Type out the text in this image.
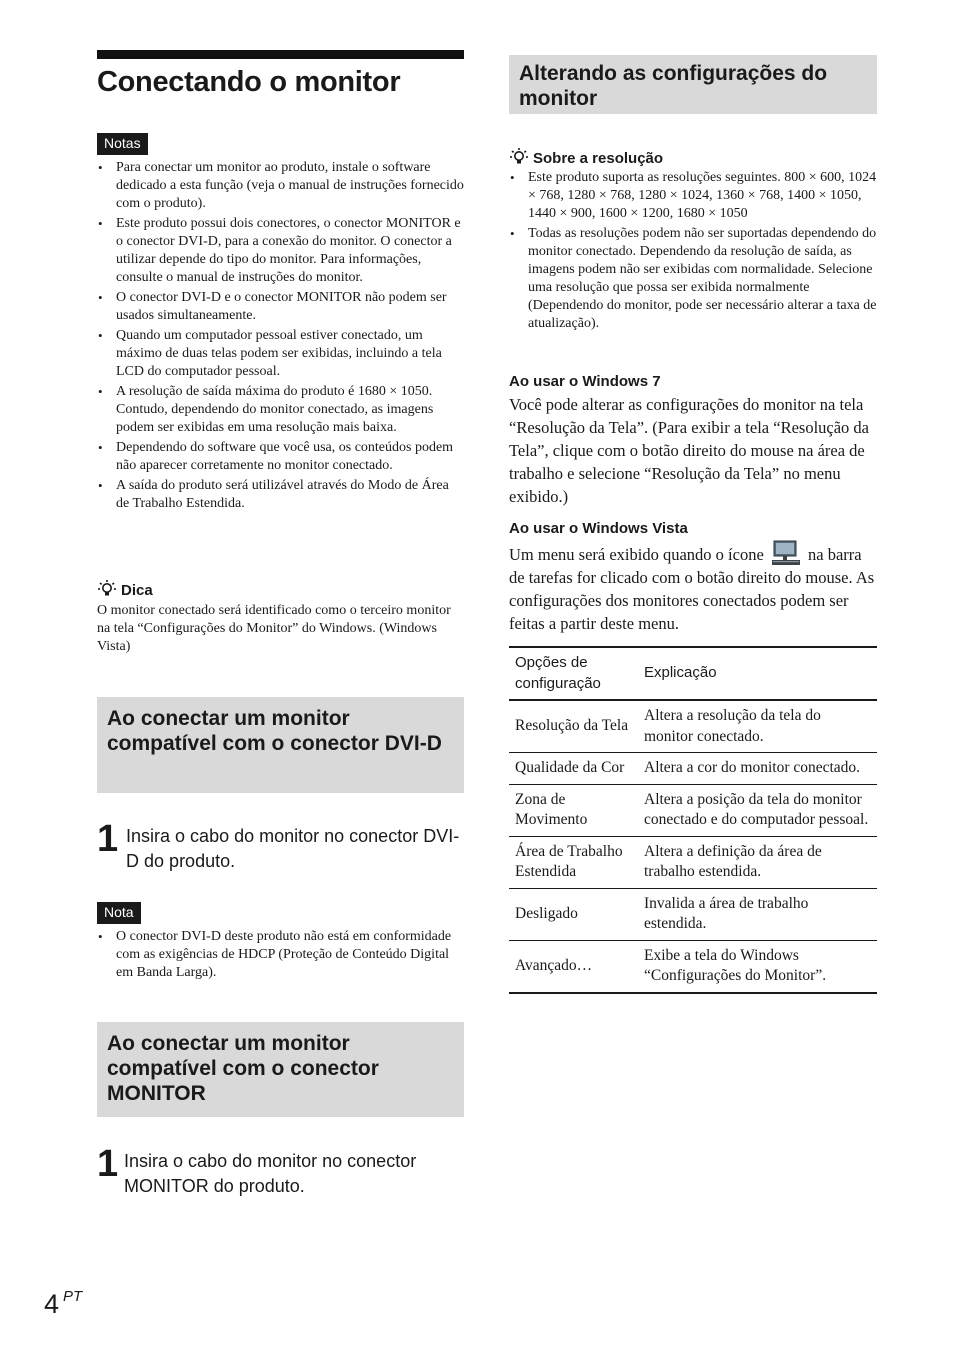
Conectando o monitor
Notas
• Para conectar um monitor ao produto, instale o software dedicado a esta função (veja o manual de instruções fornecido com o produto).
• Este produto possui dois conectores, o conector MONITOR e o conector DVI-D, para a conexão do monitor. O conector a utilizar depende do tipo do monitor. Para informações, consulte o manual de instruções do monitor.
• O conector DVI-D e o conector MONITOR não podem ser usados simultaneamente.
• Quando um computador pessoal estiver conectado, um máximo de duas telas podem ser exibidas, incluindo a tela LCD do computador pessoal.
• A resolução de saída máxima do produto é 1680 × 1050. Contudo, dependendo do monitor conectado, as imagens podem ser exibidas em uma resolução mais baixa.
• Dependendo do software que você usa, os conteúdos podem não aparecer corretamente no monitor conectado.
• A saída do produto será utilizável através do Modo de Área de Trabalho Estendida.
Dica
O monitor conectado será identificado como o terceiro monitor na tela “Configurações do Monitor” do Windows. (Windows Vista)
Ao conectar um monitor compatível com o conector DVI-D
1 Insira o cabo do monitor no conector DVI-D do produto.
Nota
• O conector DVI-D deste produto não está em conformidade com as exigências de HDCP (Proteção de Conteúdo Digital em Banda Larga).
Ao conectar um monitor compatível com o conector MONITOR
1 Insira o cabo do monitor no conector MONITOR do produto.
Alterando as configurações do monitor
Sobre a resolução
• Este produto suporta as resoluções seguintes. 800 × 600, 1024 × 768, 1280 × 768, 1280 × 1024, 1360 × 768, 1400 × 1050, 1440 × 900, 1600 × 1200, 1680 × 1050
• Todas as resoluções podem não ser suportadas dependendo do monitor conectado. Dependendo da resolução de saída, as imagens podem não ser exibidas com normalidade. Selecione uma resolução que possa ser exibida normalmente (Dependendo do monitor, pode ser necessário alterar a taxa de atualização).
Ao usar o Windows 7
Você pode alterar as configurações do monitor na tela “Resolução da Tela”. (Para exibir a tela “Resolução da Tela”, clique com o botão direito do mouse na área de trabalho e selecione “Resolução da Tela” no menu exibido.)
Ao usar o Windows Vista
Um menu será exibido quando o ícone	na barra de tarefas for clicado com o botão direito do mouse. As configurações dos monitores conectados podem ser feitas a partir deste menu.
Opções de configuração	Explicação
Resolução da Tela	Altera a resolução da tela do monitor conectado.
Qualidade da Cor	Altera a cor do monitor conectado.
Zona de Movimento	Altera a posição da tela do monitor conectado e do computador pessoal.
Área de Trabalho Estendida	Altera a definição da área de trabalho estendida.
Desligado	Invalida a área de trabalho estendida.
Avançado…	Exibe a tela do Windows “Configurações do Monitor”.
4 $^{PT}$
